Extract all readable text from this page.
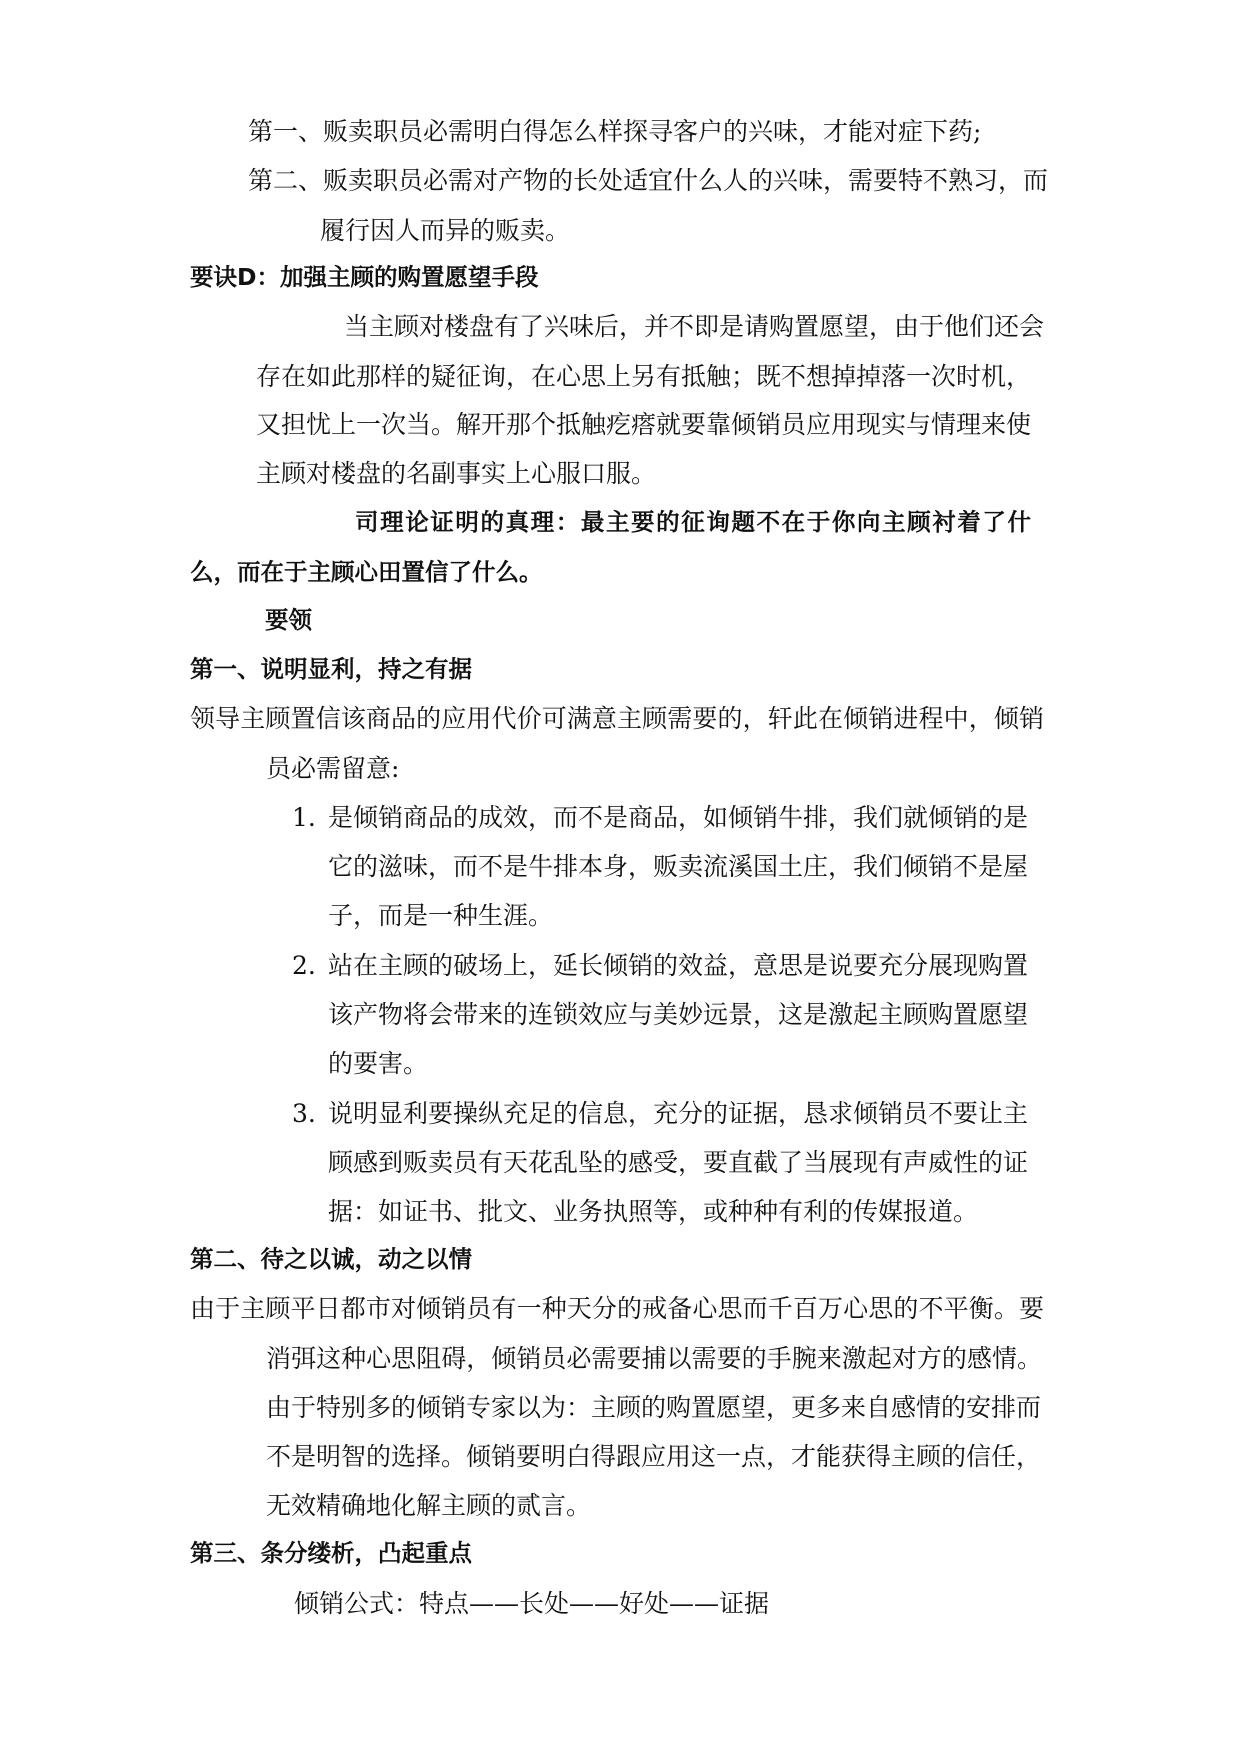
第一、贩卖职员必需明白得怎么样探寻客户的兴味，才能对症下药;
第二、贩卖职员必需对产物的长处适宜什么人的兴味，需要特不熟习，而
履行因人而异的贩卖。
要诀D：加强主顾的购置愿望手段
当主顾对楼盘有了兴味后，并不即是请购置愿望，由于他们还会
存在如此那样的疑征询，在心思上另有抵触；既不想掉掉落一次时机，
又担忧上一次当。解开那个抵触疙瘩就要靠倾销员应用现实与情理来使
主顾对楼盘的名副事实上心服口服。
司理论证明的真理：最主要的征询题不在于你向主顾衬着了什
么，而在于主顾心田置信了什么。
要领
第一、说明显利，持之有据
领导主顾置信该商品的应用代价可满意主顾需要的，轩此在倾销进程中，倾销
员必需留意:
1. 是倾销商品的成效，而不是商品，如倾销牛排，我们就倾销的是
它的滋味，而不是牛排本身，贩卖流溪国土庄，我们倾销不是屋
子，而是一种生涯。
2. 站在主顾的破场上，延长倾销的效益，意思是说要充分展现购置
该产物将会带来的连锁效应与美妙远景，这是激起主顾购置愿望
的要害。
3. 说明显利要操纵充足的信息，充分的证据，恳求倾销员不要让主
顾感到贩卖员有天花乱坠的感受，要直截了当展现有声威性的证
据：如证书、批文、业务执照等，或种种有利的传媒报道。
第二、待之以诚，动之以情
由于主顾平日都市对倾销员有一种天分的戒备心思而千百万心思的不平衡。要
消弭这种心思阻碍，倾销员必需要捕以需要的手腕来激起对方的感情。
由于特别多的倾销专家以为：主顾的购置愿望，更多来自感情的安排而
不是明智的选择。倾销要明白得跟应用这一点，才能获得主顾的信任，
无效精确地化解主顾的贰言。
第三、条分缕析，凸起重点
倾销公式：特点——长处——好处——证据
